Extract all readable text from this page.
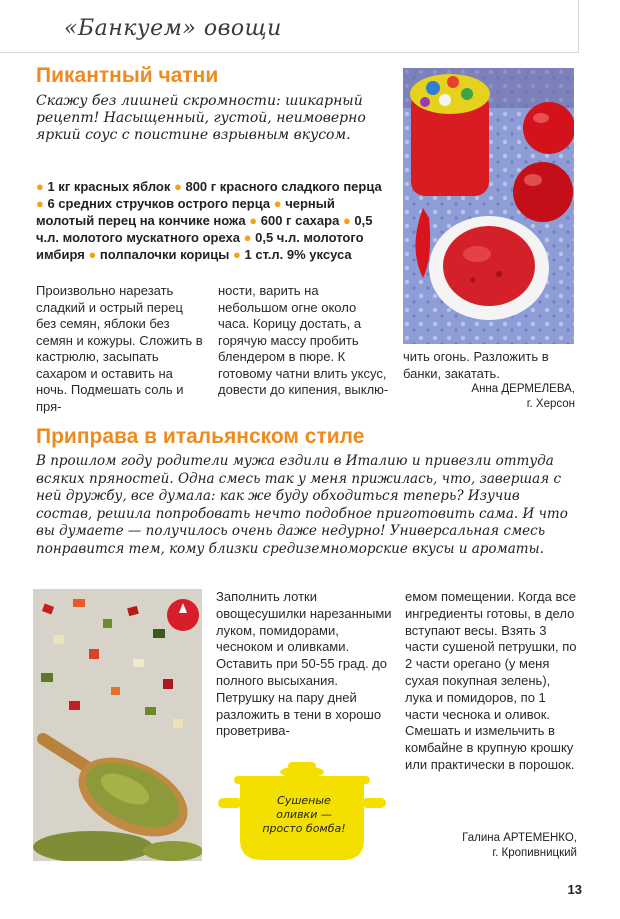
«Банкуем» овощи
Пикантный чатни
Скажу без лишней скромности: шикарный рецепт! Насыщенный, густой, неимоверно яркий соус с поистине взрывным вкусом.
● 1 кг красных яблок ● 800 г красного сладкого перца ● 6 средних стручков острого перца ● черный молотый перец на кончике ножа ● 600 г сахара ● 0,5 ч.л. молотого мускатного ореха ● 0,5 ч.л. молотого имбиря ● полпалочки корицы ● 1 ст.л. 9% уксуса
Произвольно нарезать сладкий и острый перец без семян, яблоки без семян и кожуры. Сложить в кастрюлю, засыпать сахаром и оставить на ночь. Подмешать соль и пря-
ности, варить на небольшом огне около часа. Корицу достать, а горячую массу пробить блендером в пюре. К готовому чатни влить уксус, довести до кипения, выклю-
чить огонь. Разложить в банки, закатать.
Анна ДЕРМЕЛЕВА,
г. Херсон
Приправа в итальянском стиле
В прошлом году родители мужа ездили в Италию и привезли оттуда всяких пряностей. Одна смесь так у меня прижилась, что, завершая с ней дружбу, все думала: как же буду обходиться теперь? Изучив состав, решила попробовать нечто подобное приготовить сама. И что вы думаете — получилось очень даже недурно! Универсальная смесь понравится тем, кому близки средиземноморские вкусы и ароматы.
Заполнить лотки овощесушилки нарезанными луком, помидорами, чесноком и оливками. Оставить при 50-55 град. до полного высыхания. Петрушку на пару дней разложить в тени в хорошо проветрива-
емом помещении. Когда все ингредиенты готовы, в дело вступают весы. Взять 3 части сушеной петрушки, по 2 части орегано (у меня сухая покупная зелень), лука и помидоров, по 1 части чеснока и оливок. Смешать и измельчить в комбайне в крупную крошку или практически в порошок.
Сушеные оливки — просто бомба!
Галина АРТЕМЕНКО,
г. Кропивницкий
13
